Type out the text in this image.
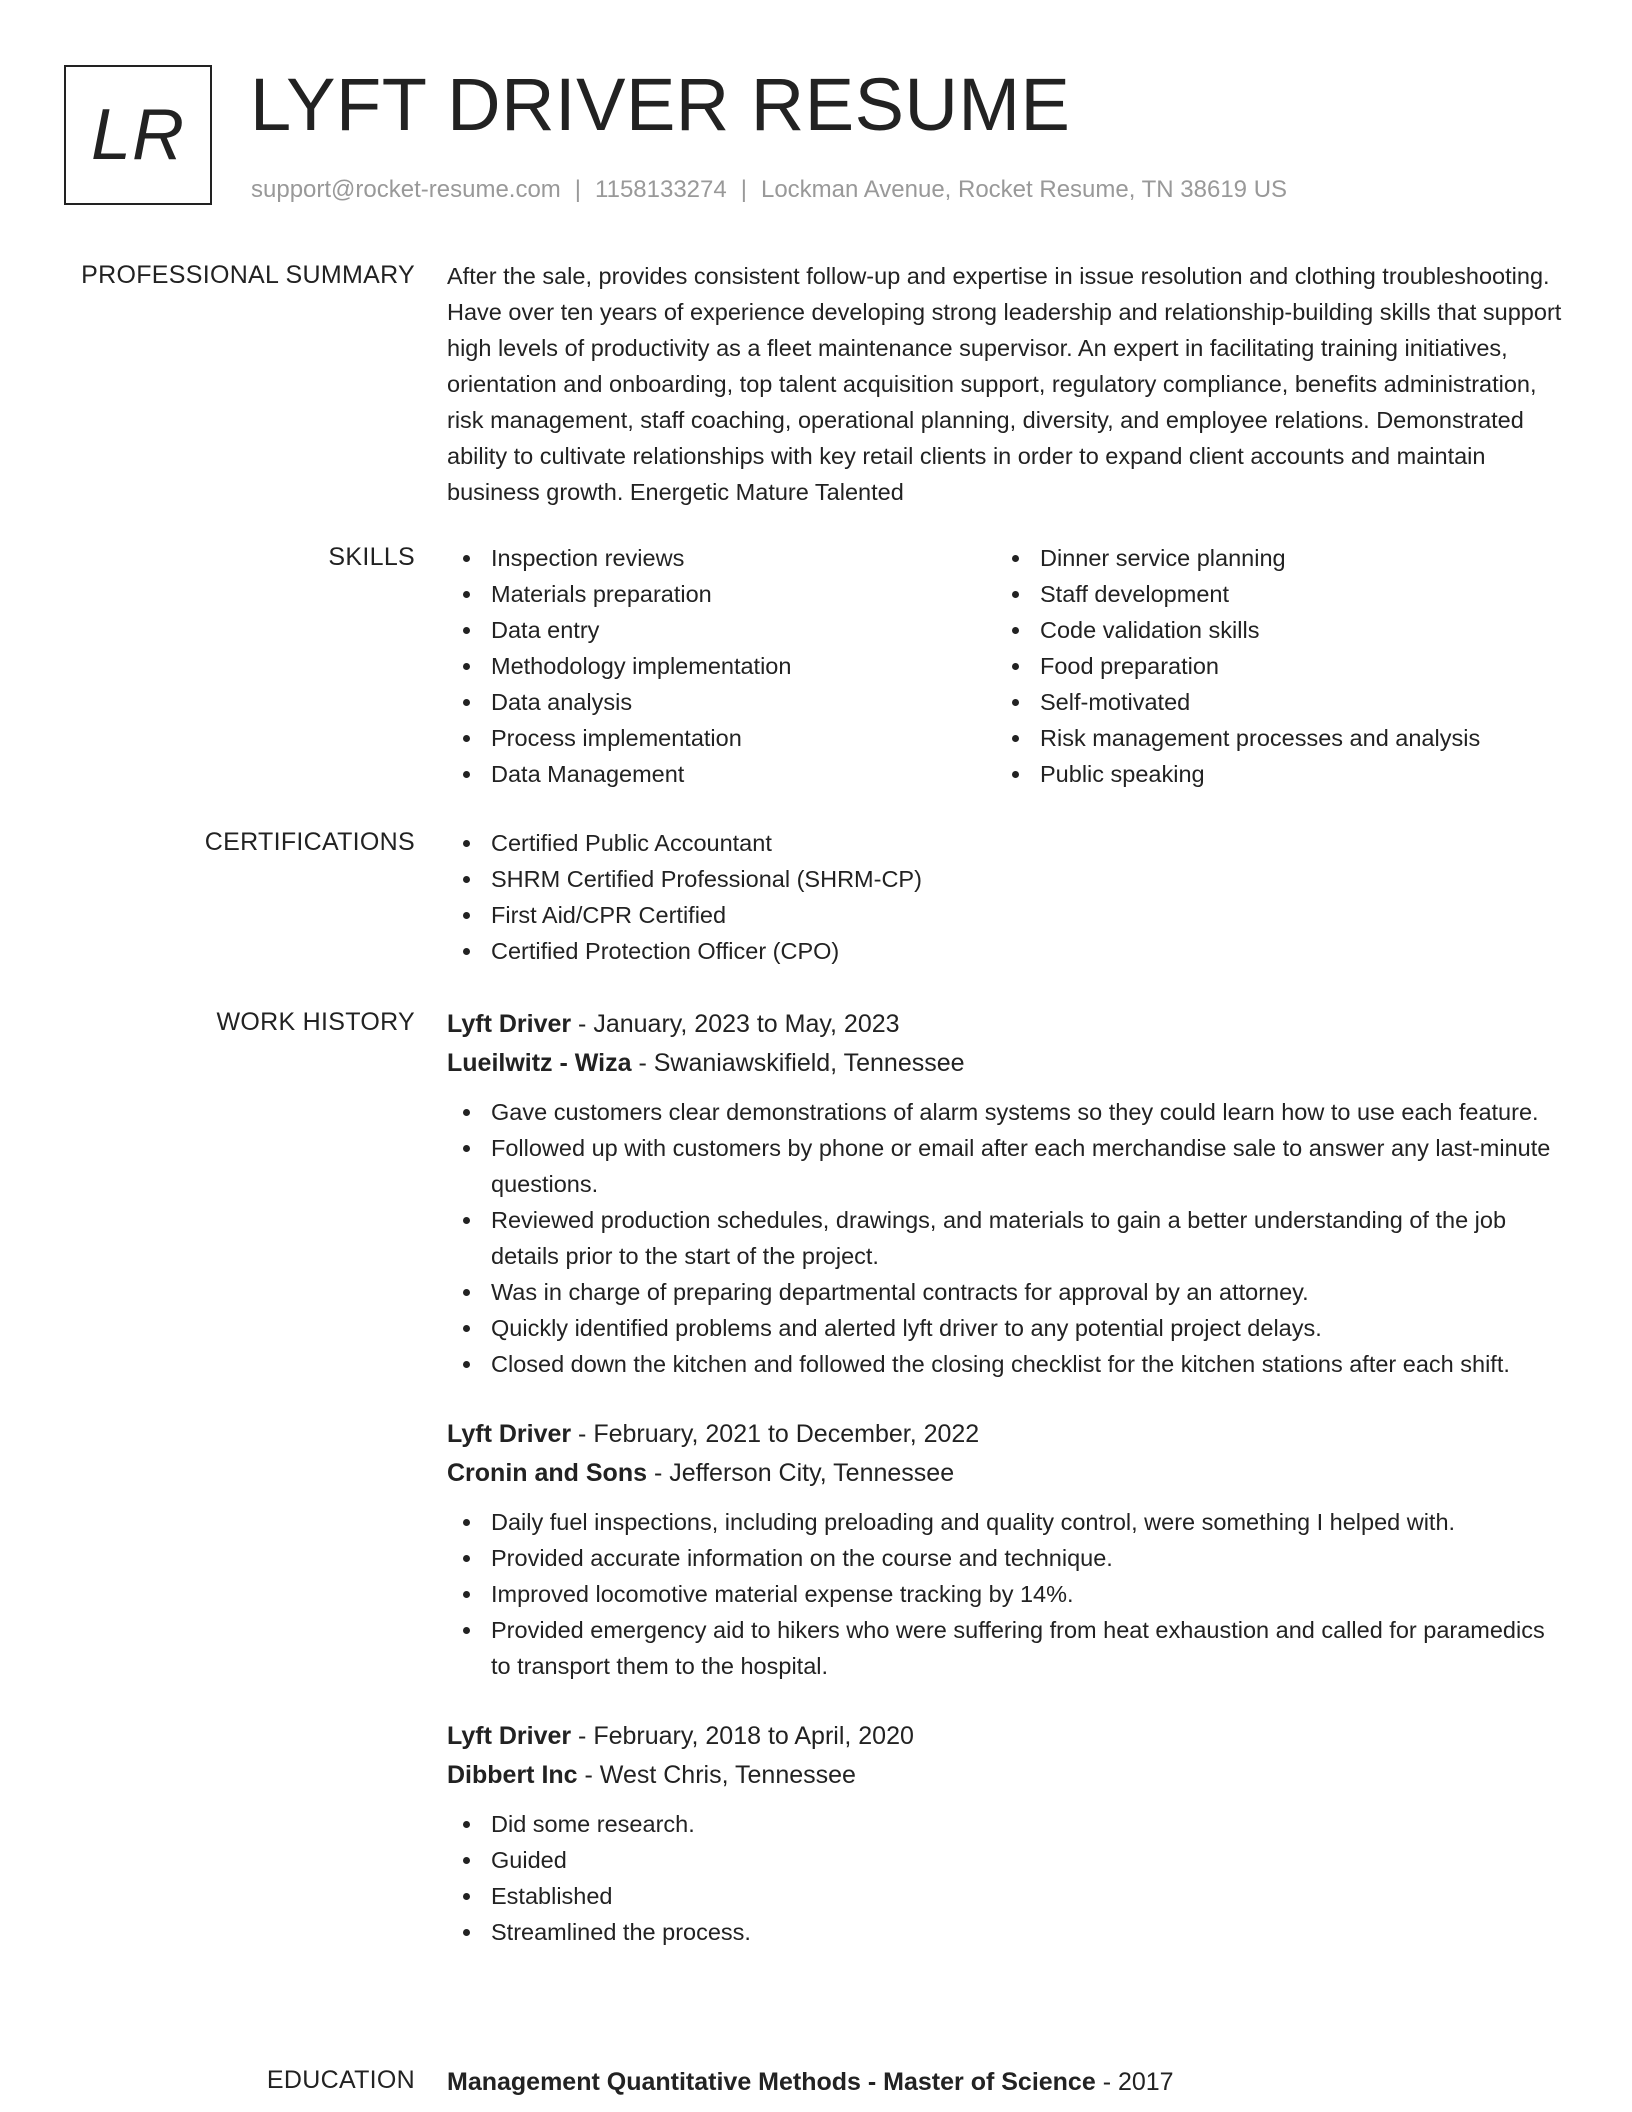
LR LYFT DRIVER RESUME
support@rocket-resume.com | 1158133274 | Lockman Avenue, Rocket Resume, TN 38619 US
PROFESSIONAL SUMMARY After the sale, provides consistent follow-up and expertise in issue resolution and clothing troubleshooting. Have over ten years of experience developing strong leadership and relationship-building skills that support high levels of productivity as a fleet maintenance supervisor. An expert in facilitating training initiatives, orientation and onboarding, top talent acquisition support, regulatory compliance, benefits administration, risk management, staff coaching, operational planning, diversity, and employee relations. Demonstrated ability to cultivate relationships with key retail clients in order to expand client accounts and maintain business growth. Energetic Mature Talented

SKILLS	Inspection reviews
Materials preparation
Data entry
Methodology implementation
Data analysis
Process implementation
Data Management
Dinner service planning
Staff development
Code validation skills
Food preparation
Self-motivated
Risk management processes and analysis
Public speaking
CERTIFICATIONS	Certified Public Accountant
SHRM Certified Professional (SHRM-CP)
First Aid/CPR Certified
Certified Protection Officer (CPO)
WORK HISTORY Lyft Driver - January, 2023 to May, 2023
Lueilwitz - Wiza - Swaniawskifield, Tennessee
Gave customers clear demonstrations of alarm systems so they could learn how to use each feature.
Followed up with customers by phone or email after each merchandise sale to answer any last-minute questions.
Reviewed production schedules, drawings, and materials to gain a better understanding of the job details prior to the start of the project.
Was in charge of preparing departmental contracts for approval by an attorney.
Quickly identified problems and alerted lyft driver to any potential project delays.
Closed down the kitchen and followed the closing checklist for the kitchen stations after each shift.
Lyft Driver - February, 2021 to December, 2022
Cronin and Sons - Jefferson City, Tennessee
Daily fuel inspections, including preloading and quality control, were something I helped with.
Provided accurate information on the course and technique.
Improved locomotive material expense tracking by 14%.
Provided emergency aid to hikers who were suffering from heat exhaustion and called for paramedics to transport them to the hospital.
Lyft Driver - February, 2018 to April, 2020
Dibbert Inc - West Chris, Tennessee
Did some research.
Guided
Established
Streamlined the process.
EDUCATION Management Quantitative Methods - Master of Science - 2017
